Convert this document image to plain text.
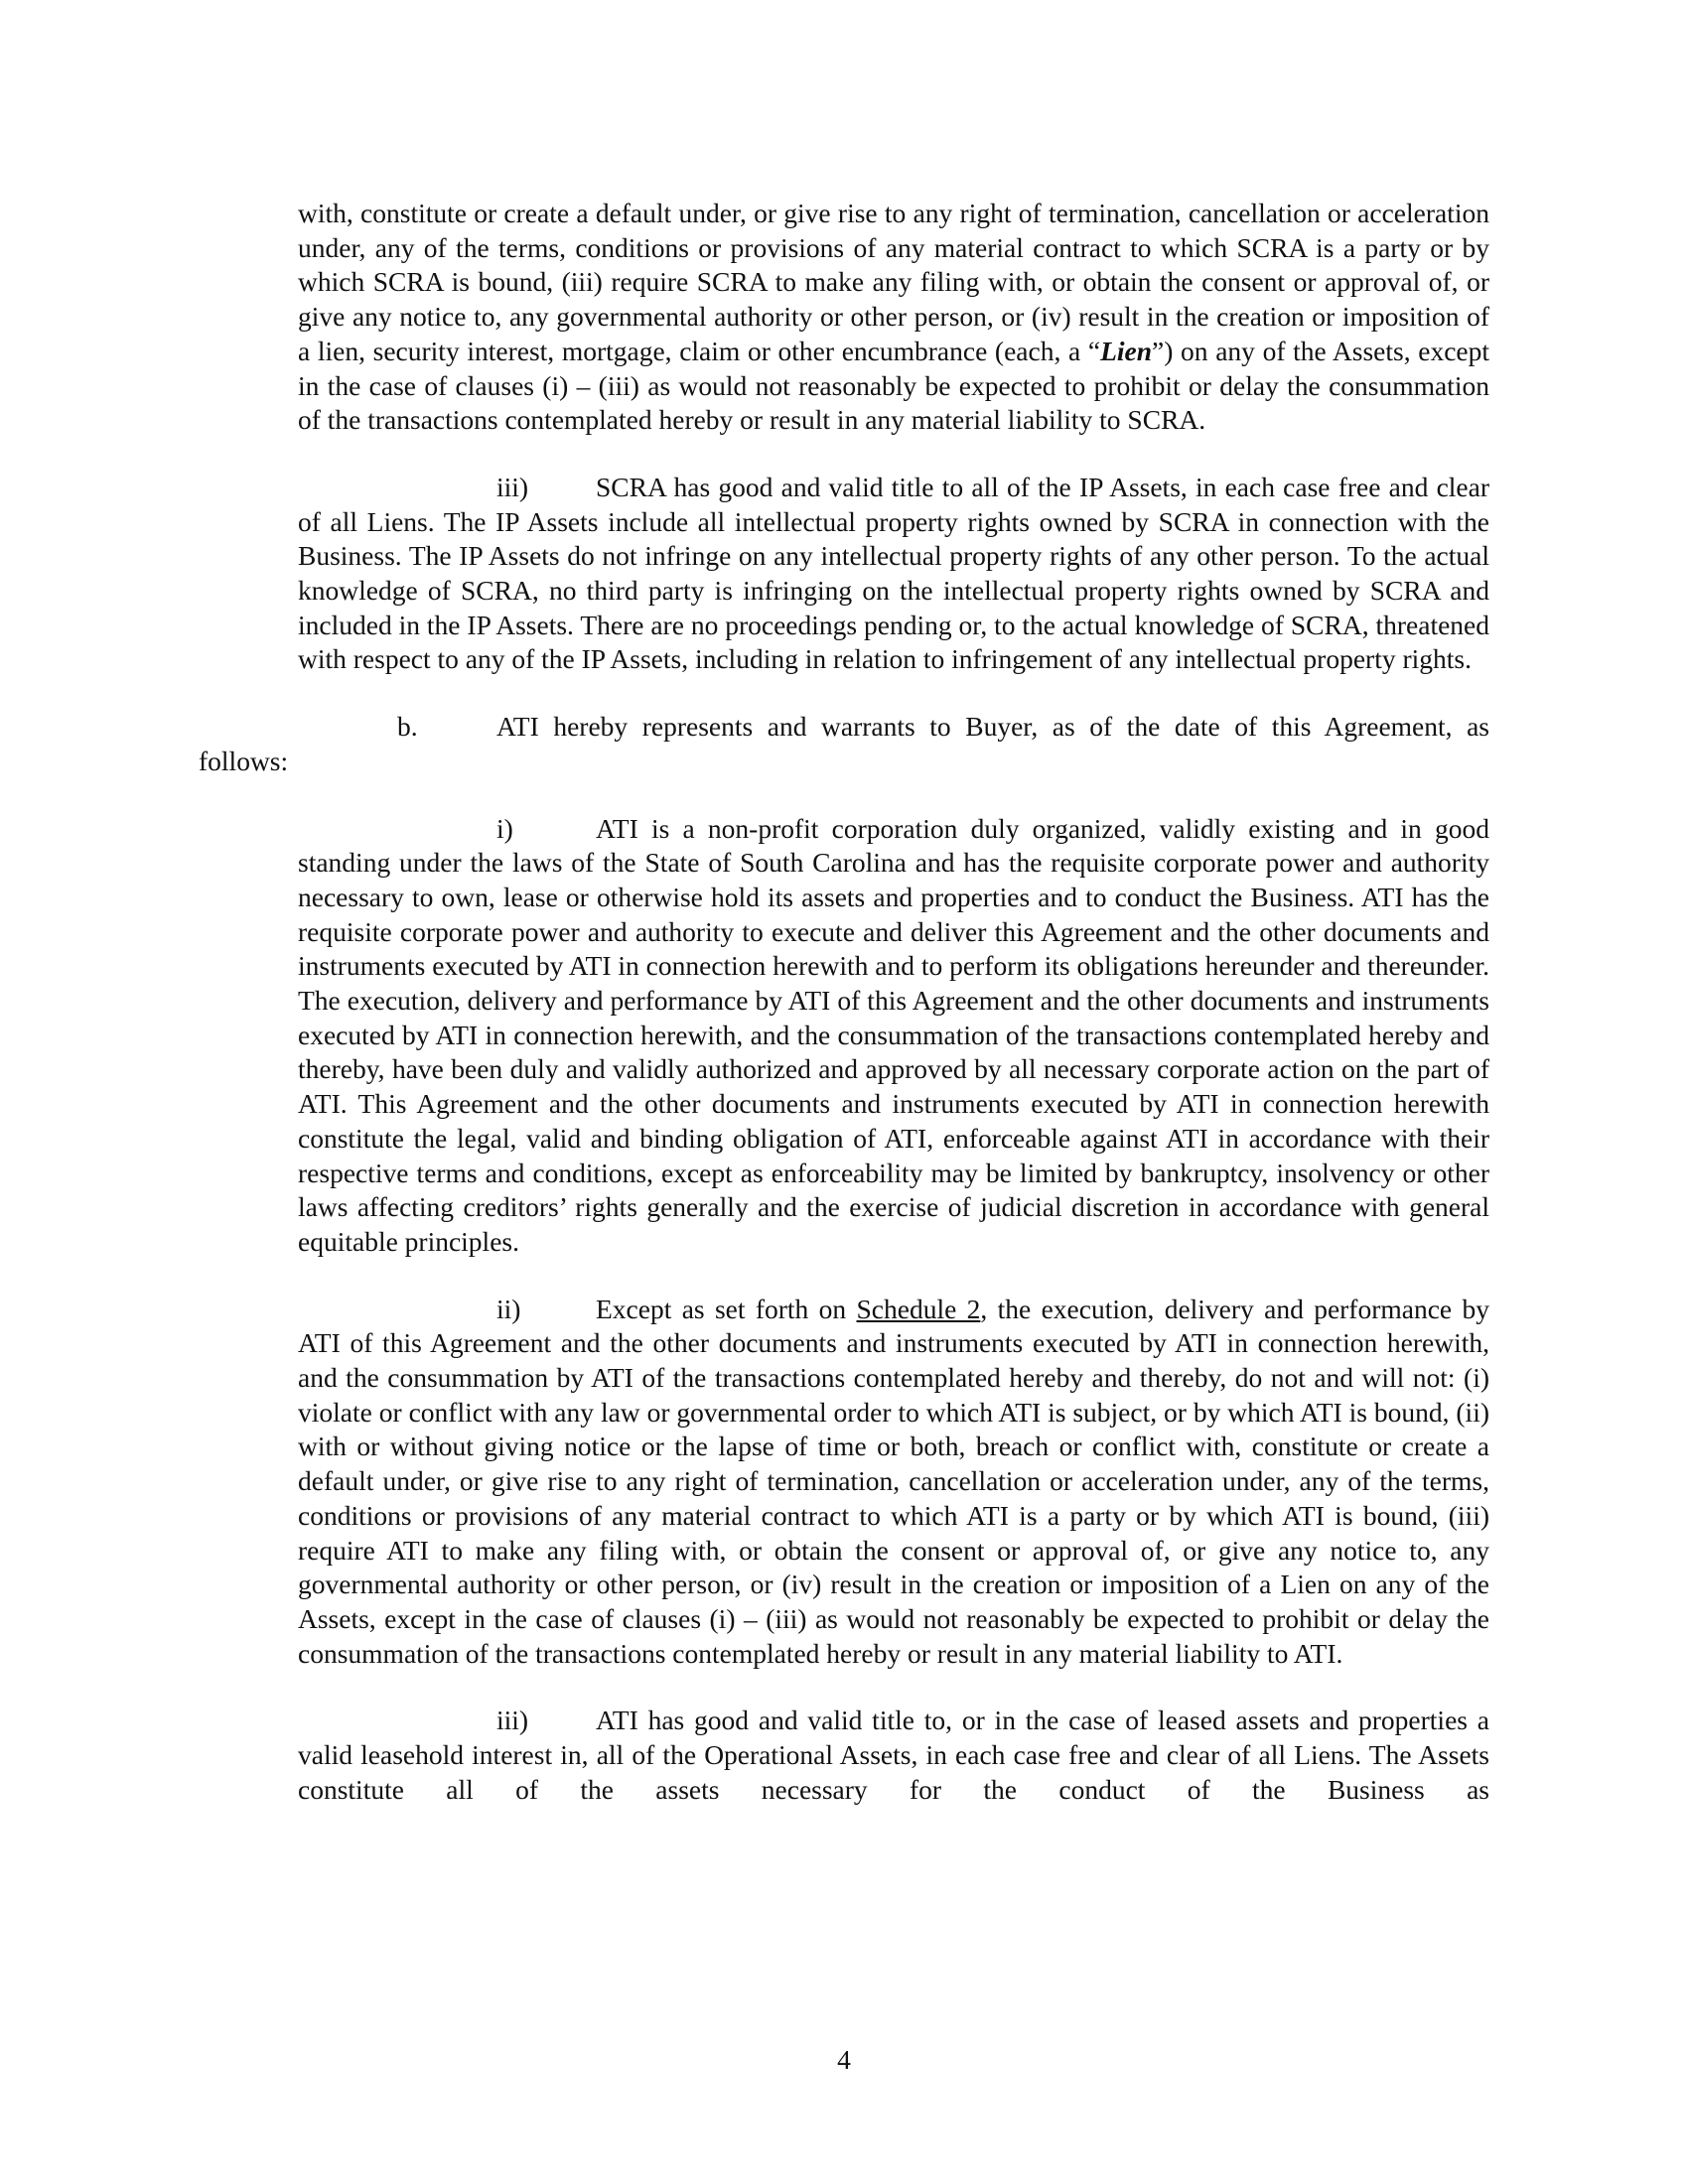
with, constitute or create a default under, or give rise to any right of termination, cancellation or acceleration under, any of the terms, conditions or provisions of any material contract to which SCRA is a party or by which SCRA is bound, (iii) require SCRA to make any filing with, or obtain the consent or approval of, or give any notice to, any governmental authority or other person, or (iv) result in the creation or imposition of a lien, security interest, mortgage, claim or other encumbrance (each, a “Lien”) on any of the Assets, except in the case of clauses (i) – (iii) as would not reasonably be expected to prohibit or delay the consummation of the transactions contemplated hereby or result in any material liability to SCRA.

iii) SCRA has good and valid title to all of the IP Assets, in each case free and clear of all Liens. The IP Assets include all intellectual property rights owned by SCRA in connection with the Business. The IP Assets do not infringe on any intellectual property rights of any other person. To the actual knowledge of SCRA, no third party is infringing on the intellectual property rights owned by SCRA and included in the IP Assets. There are no proceedings pending or, to the actual knowledge of SCRA, threatened with respect to any of the IP Assets, including in relation to infringement of any intellectual property rights.

b.	ATI hereby represents and warrants to Buyer, as of the date of this Agreement, as
follows:

i)	ATI is a non-profit corporation duly organized, validly existing and in good standing under the laws of the State of South Carolina and has the requisite corporate power and authority necessary to own, lease or otherwise hold its assets and properties and to conduct the Business. ATI has the requisite corporate power and authority to execute and deliver this Agreement and the other documents and instruments executed by ATI in connection herewith and to perform its obligations hereunder and thereunder. The execution, delivery and performance by ATI of this Agreement and the other documents and instruments executed by ATI in connection herewith, and the consummation of the transactions contemplated hereby and thereby, have been duly and validly authorized and approved by all necessary corporate action on the part of ATI. This Agreement and the other documents and instruments executed by ATI in connection herewith constitute the legal, valid and binding obligation of ATI, enforceable against ATI in accordance with their respective terms and conditions, except as enforceability may be limited by bankruptcy, insolvency or other laws affecting creditors’ rights generally and the exercise of judicial discretion in accordance with general equitable principles.

ii)	Except as set forth on Schedule 2, the execution, delivery and performance by ATI of this Agreement and the other documents and instruments executed by ATI in connection herewith, and the consummation by ATI of the transactions contemplated hereby and thereby, do not and will not: (i) violate or conflict with any law or governmental order to which ATI is subject, or by which ATI is bound, (ii) with or without giving notice or the lapse of time or both, breach or conflict with, constitute or create a default under, or give rise to any right of termination, cancellation or acceleration under, any of the terms, conditions or provisions of any material contract to which ATI is a party or by which ATI is bound, (iii) require ATI to make any filing with, or obtain the consent or approval of, or give any notice to, any governmental authority or other person, or (iv) result in the creation or imposition of a Lien on any of the Assets, except in the case of clauses (i) – (iii) as would not reasonably be expected to prohibit or delay the consummation of the transactions contemplated hereby or result in any material liability to ATI.

iii) ATI has good and valid title to, or in the case of leased assets and properties a valid leasehold interest in, all of the Operational Assets, in each case free and clear of all Liens. The Assets constitute all of the assets necessary for the conduct of the Business as

4
